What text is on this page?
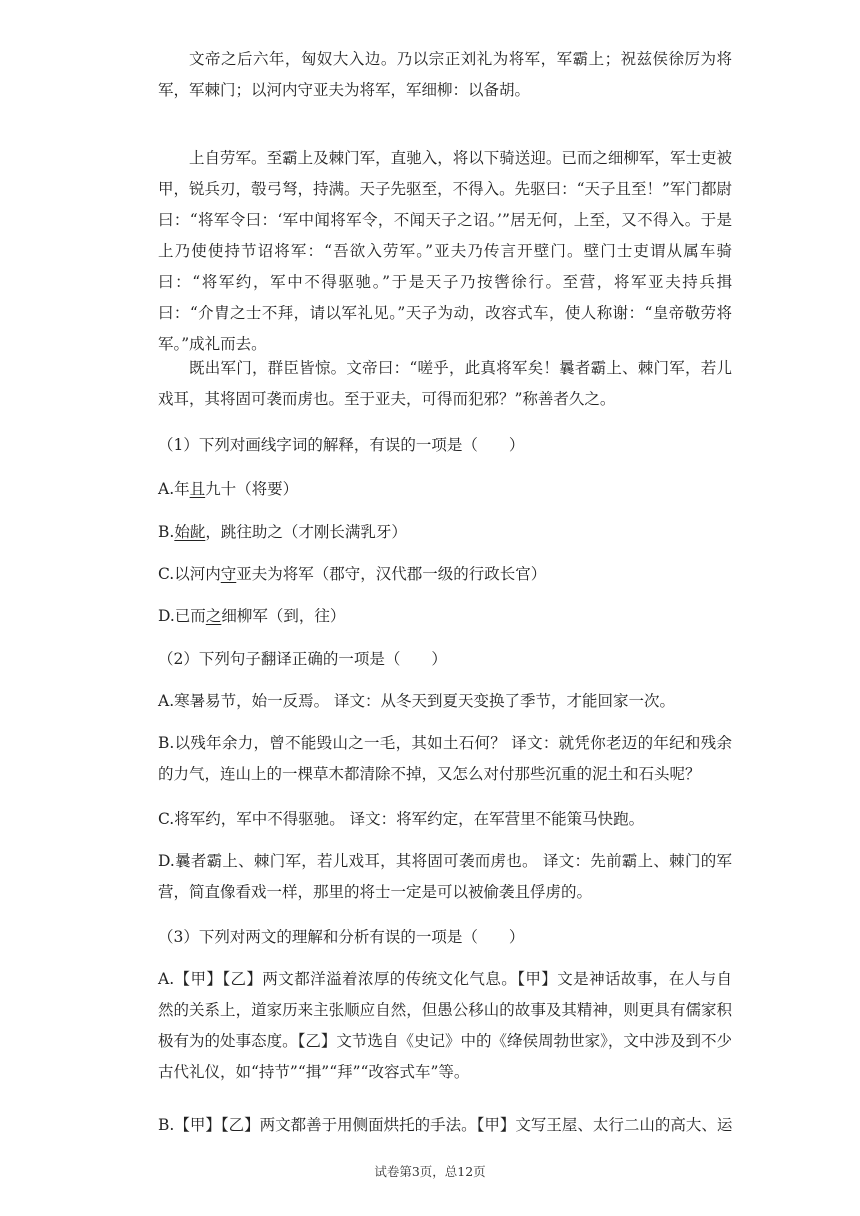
文帝之后六年，匈奴大入边。乃以宗正刘礼为将军，军霸上；祝兹侯徐厉为将军，军棘门；以河内守亚夫为将军，军细柳：以备胡。

上自劳军。至霸上及棘门军，直驰入，将以下骑送迎。已而之细柳军，军士吏被甲，锐兵刃，彀弓弩，持满。天子先驱至，不得入。先驱曰：“天子且至！”军门都尉曰：“将军令曰：‘军中闻将军令，不闻天子之诏。’”居无何，上至，又不得入。于是上乃使使持节诏将军：“吾欲入劳军。”亚夫乃传言开壁门。壁门士吏谓从属车骑曰：“将军约，军中不得驱驰。”于是天子乃按辔徐行。至营，将军亚夫持兵揖曰：“介胄之士不拜，请以军礼见。”天子为动，改容式车，使人称谢：“皇帝敬劳将军。”成礼而去。

既出军门，群臣皆惊。文帝曰：“嗟乎，此真将军矣！曩者霸上、棘门军，若儿戏耳，其将固可袭而虏也。至于亚夫，可得而犯邪？”称善者久之。

（1）下列对画线字词的解释，有误的一项是（　　）

A.年且九十（将要）

B.始龀，跳往助之（才刚长满乳牙）

C.以河内守亚夫为将军（郡守，汉代郡一级的行政长官）

D.已而之细柳军（到，往）

（2）下列句子翻译正确的一项是（　　）

A.寒暑易节，始一反焉。 译文：从冬天到夏天变换了季节，才能回家一次。

B.以残年余力，曾不能毁山之一毛，其如土石何？ 译文：就凭你老迈的年纪和残余的力气，连山上的一棵草木都清除不掉，又怎么对付那些沉重的泥土和石头呢？

C.将军约，军中不得驱驰。 译文：将军约定，在军营里不能策马快跑。

D.曩者霸上、棘门军，若儿戏耳，其将固可袭而虏也。 译文：先前霸上、棘门的军营，简直像看戏一样，那里的将士一定是可以被偷袭且俘虏的。

（3）下列对两文的理解和分析有误的一项是（　　）

A.【甲】【乙】两文都洋溢着浓厚的传统文化气息。【甲】文是神话故事，在人与自然的关系上，道家历来主张顺应自然，但愚公移山的故事及其精神，则更具有儒家积极有为的处事态度。【乙】文节选自《史记》中的《绛侯周勃世家》，文中涉及到不少古代礼仪，如“持节”“揖”“拜”“改容式车”等。

B.【甲】【乙】两文都善于用侧面烘托的手法。【甲】文写王屋、太行二山的高大、运

试卷第3页，总12页
